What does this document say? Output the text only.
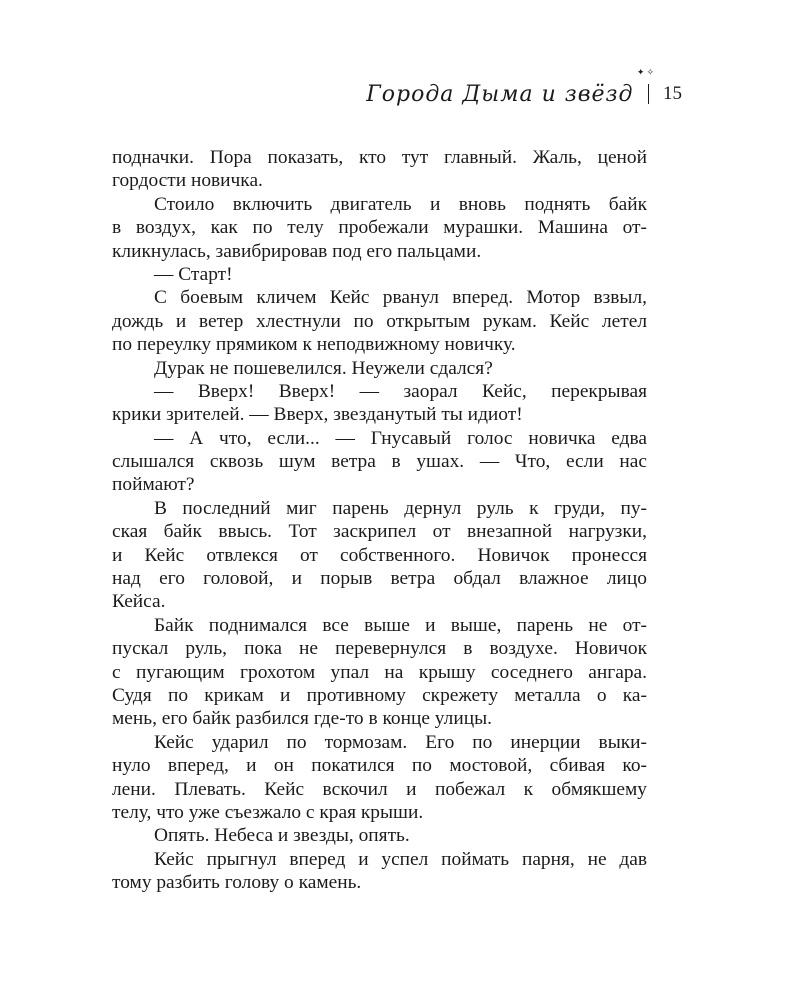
Города Дыма и звёзд
✦✧
15
подначки. Пора показать, кто тут главный. Жаль, ценой
гордости новичка.
Стоило включить двигатель и вновь поднять байк
в воздух, как по телу пробежали мурашки. Машина от-
кликнулась, завибрировав под его пальцами.
— Старт!
С боевым кличем Кейс рванул вперед. Мотор взвыл,
дождь и ветер хлестнули по открытым рукам. Кейс летел
по переулку прямиком к неподвижному новичку.
Дурак не пошевелился. Неужели сдался?
— Вверх! Вверх! — заорал Кейс, перекрывая
крики зрителей. — Вверх, звезданутый ты идиот!
— А что, если... — Гнусавый голос новичка едва
слышался сквозь шум ветра в ушах. — Что, если нас
поймают?
В последний миг парень дернул руль к груди, пу-
ская байк ввысь. Тот заскрипел от внезапной нагрузки,
и Кейс отвлекся от собственного. Новичок пронесся
над его головой, и порыв ветра обдал влажное лицо
Кейса.
Байк поднимался все выше и выше, парень не от-
пускал руль, пока не перевернулся в воздухе. Новичок
с пугающим грохотом упал на крышу соседнего ангара.
Судя по крикам и противному скрежету металла о ка-
мень, его байк разбился где-то в конце улицы.
Кейс ударил по тормозам. Его по инерции выки-
нуло вперед, и он покатился по мостовой, сбивая ко-
лени. Плевать. Кейс вскочил и побежал к обмякшему
телу, что уже съезжало с края крыши.
Опять. Небеса и звезды, опять.
Кейс прыгнул вперед и успел поймать парня, не дав
тому разбить голову о камень.
